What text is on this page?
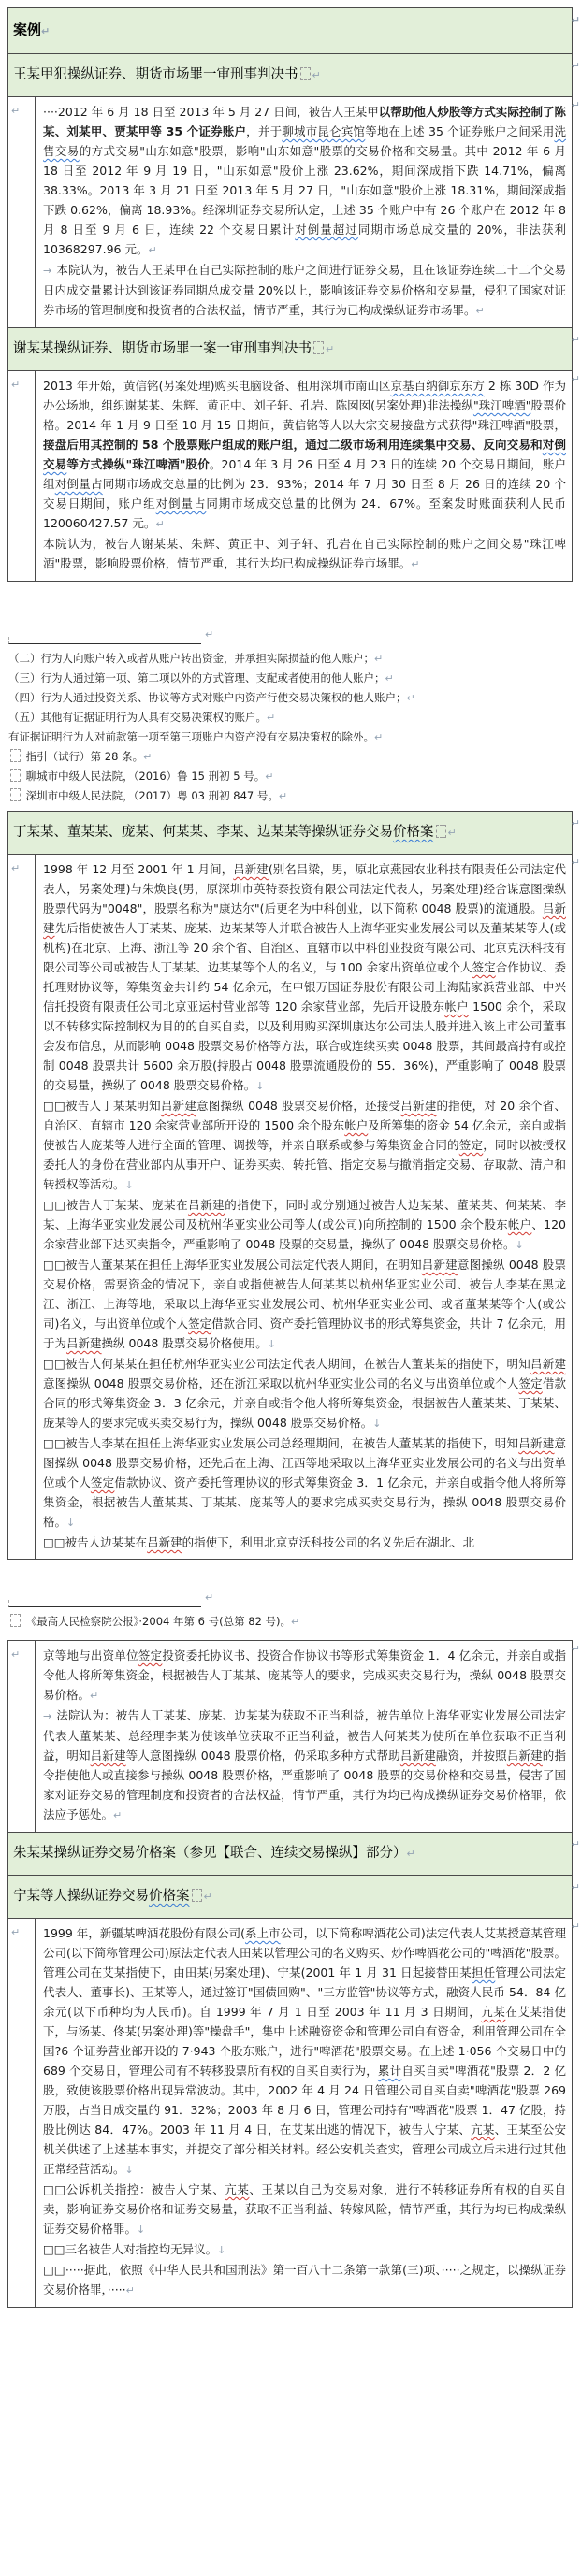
案例↵
↵
王某甲犯操纵证券、期货市场罪一审刑事判决书 ↵
↵
↵	····2012 年 6 月 18 日至 2013 年 5 月 27 日间，被告人王某甲以帮助他人炒股等方式实际控制了陈某、刘某甲、贾某甲等 35 个证券账户，并于聊城市昆仑宾馆等地在上述 35 个证券账户之间采用洗售交易的方式交易"山东如意"股票，影响"山东如意"股票的交易价格和交易量。其中 2012 年 6 月 18 日至 2012 年 9 月 19 日，"山东如意"股价上涨 23.62%，期间深成指下跌 14.71%，偏离 38.33%。2013 年 3 月 21 日至 2013 年 5 月 27 日，"山东如意"股价上涨 18.31%，期间深成指下跌 0.62%，偏离 18.93%。经深圳证券交易所认定，上述 35 个账户中有 26 个账户在 2012 年 8 月 8 日至 9 月 6 日，连续 22 个交易日累计对倒量超过同期市场总成交量的 20%，非法获利 10368297.96 元。↵

→ 本院认为，被告人王某甲在自己实际控制的账户之间进行证券交易，且在该证券连续二十二个交易日内成交量累计达到该证券同期总成交量 20%以上，影响该证券交易价格和交易量，侵犯了国家对证券市场的管理制度和投资者的合法权益，情节严重，其行为已构成操纵证券市场罪。↵

↵
谢某某操纵证券、期货市场罪一案一审刑事判决书 ↵
↵
↵	2013 年开始，黄信铭(另案处理)购买电脑设备、租用深圳市南山区京基百纳御京东方 2 栋 30D 作为办公场地，组织谢某某、朱辉、黄正中、刘子轩、孔岩、陈囡囡(另案处理)非法操纵"珠江啤酒"股票价格。2014 年 1 月 9 日至 10 月 15 日期间，黄信铭等人以大宗交易接盘方式获得"珠江啤酒"股票，接盘后用其控制的 58 个股票账户组成的账户组，通过二级市场利用连续集中交易、反向交易和对倒交易等方式操纵"珠江啤酒"股价。2014 年 3 月 26 日至 4 月 23 日的连续 20 个交易日期间，账户组对倒量占同期市场成交总量的比例为 23．93%；2014 年 7 月 30 日至 8 月 26 日的连续 20 个交易日期间，账户组对倒量占同期市场成交总量的比例为 24．67%。至案发时账面获利人民币 120060427.57 元。↵

本院认为，被告人谢某某、朱辉、黄正中、刘子轩、孔岩在自己实际控制的账户之间交易"珠江啤酒"股票，影响股票价格，情节严重，其行为均已构成操纵证券市场罪。↵

↵
↵
（二）行为人向账户转入或者从账户转出资金，并承担实际损益的他人账户；↵
（三）行为人通过第一项、第二项以外的方式管理、支配或者使用的他人账户；↵
（四）行为人通过投资关系、协议等方式对账户内资产行使交易决策权的他人账户；↵
（五）其他有证据证明行为人具有交易决策权的账户。↵
有证据证明行为人对前款第一项至第三项账户内资产没有交易决策权的除外。↵
指引（试行）第 28 条。↵
聊城市中级人民法院，（2016）鲁 15 刑初 5 号。↵
深圳市中级人民法院，（2017）粤 03 刑初 847 号。↵
丁某某、董某某、庞某、何某某、李某、边某某等操纵证券交易价格案 ↵
↵
↵	1998 年 12 月至 2001 年 1 月间，吕新建(别名吕梁，男，原北京燕园农业科技有限责任公司法定代表人，另案处理)与朱焕良(男，原深圳市英特泰投资有限公司法定代表人，另案处理)经合谋意图操纵股票代码为"0048"，股票名称为"康达尔"(后更名为中科创业，以下简称 0048 股票)的流通股。吕新建先后指使被告人丁某某、庞某、边某某等人并联合被告人上海华亚实业发展公司以及董某某等人(或机构)在北京、上海、浙江等 20 余个省、自治区、直辖市以中科创业投资有限公司、北京克沃科技有限公司等公司或被告人丁某某、边某某等个人的名义，与 100 余家出资单位或个人签定合作协议、委托理财协议等，筹集资金共计约 54 亿余元，在申银万国证券股份有限公司上海陆家浜营业部、中兴信托投资有限责任公司北京亚运村营业部等 120 余家营业部，先后开设股东帐户 1500 余个，采取以不转移实际控制权为目的的自买自卖，以及利用购买深圳康达尔公司法人股并进入该上市公司董事会发布信息，从而影响 0048 股票交易价格等方法，联合或连续买卖 0048 股票，其间最高持有或控制 0048 股票共计 5600 余万股(持股占 0048 股票流通股份的 55．36%)，严重影响了 0048 股票的交易量，操纵了 0048 股票交易价格。↓

□□被告人丁某某明知吕新建意图操纵 0048 股票交易价格，还接受吕新建的指使，对 20 余个省、自治区、直辖市 120 余家营业部所开设的 1500 余个股东帐户及所筹集的资金 54 亿余元，亲自或指使被告人庞某等人进行全面的管理、调拨等，并亲自联系或参与筹集资金合同的签定，同时以被授权委托人的身份在营业部内从事开户、证券买卖、转托管、指定交易与撤消指定交易、存取款、清户和转授权等活动。↓

□□被告人丁某某、庞某在吕新建的指使下，同时或分别通过被告人边某某、董某某、何某某、李某、上海华亚实业发展公司及杭州华亚实业公司等人(或公司)向所控制的 1500 余个股东帐户、120 余家营业部下达买卖指令，严重影响了 0048 股票的交易量，操纵了 0048 股票交易价格。↓

□□被告人董某某在担任上海华亚实业发展公司法定代表人期间，在明知吕新建意图操纵 0048 股票交易价格，需要资金的情况下，亲自或指使被告人何某某以杭州华亚实业公司、被告人李某在黑龙江、浙江、上海等地，采取以上海华亚实业发展公司、杭州华亚实业公司、或者董某某等个人(或公司)名义，与出资单位或个人签定借款合同、资产委托管理协议书的形式筹集资金，共计 7 亿余元，用于为吕新建操纵 0048 股票交易价格使用。↓

□□被告人何某某在担任杭州华亚实业公司法定代表人期间，在被告人董某某的指使下，明知吕新建意图操纵 0048 股票交易价格，还在浙江采取以杭州华亚实业公司的名义与出资单位或个人签定借款合同的形式筹集资金 3．3 亿余元，并亲自或指令他人将所筹集资金，根据被告人董某某、丁某某、庞某等人的要求完成买卖交易行为，操纵 0048 股票交易价格。↓

□□被告人李某在担任上海华亚实业发展公司总经理期间，在被告人董某某的指使下，明知吕新建意图操纵 0048 股票交易价格，还先后在上海、江西等地采取以上海华亚实业发展公司的名义与出资单位或个人签定借款协议、资产委托管理协议的形式筹集资金 3．1 亿余元，并亲自或指令他人将所筹集资金，根据被告人董某某、丁某某、庞某等人的要求完成买卖交易行为，操纵 0048 股票交易价格。↓

□□被告人边某某在吕新建的指使下，利用北京克沃科技公司的名义先后在湖北、北

↵
↵
《最高人民检察院公报》·2004 年第 6 号(总第 82 号)。↵
↵	京等地与出资单位签定投资委托协议书、投资合作协议书等形式筹集资金 1．4 亿余元，并亲自或指令他人将所筹集资金，根据被告人丁某某、庞某等人的要求，完成买卖交易行为，操纵 0048 股票交易价格。↵

→ 法院认为：被告人丁某某、庞某、边某某为获取不正当利益，被告单位上海华亚实业发展公司法定代表人董某某、总经理李某为使该单位获取不正当利益，被告人何某某为使所在单位获取不正当利益，明知吕新建等人意图操纵 0048 股票价格，仍采取多种方式帮助吕新建融资，并按照吕新建的指令指使他人或直接参与操纵 0048 股票价格，严重影响了 0048 股票的交易价格和交易量，侵害了国家对证券交易的管理制度和投资者的合法权益，情节严重，其行为均已构成操纵证券交易价格罪，依法应予惩处。↵

↵
朱某某操纵证券交易价格案（参见【联合、连续交易操纵】部分）↵
↵
宁某等人操纵证券交易价格案 ↵
↵
↵	1999 年，新疆某啤酒花股份有限公司(系上市公司，以下简称啤酒花公司)法定代表人艾某授意某管理公司(以下简称管理公司)原法定代表人田某以管理公司的名义购买、炒作啤酒花公司的"啤酒花"股票。管理公司在艾某指使下，由田某(另案处理)、宁某(2001 年 1 月 31 日起接替田某担任管理公司法定代表人、董事长)、王某等人，通过签订"国债回购"、"三方监管"协议等方式，融资人民币 54．84 亿余元(以下币种均为人民币)。自 1999 年 7 月 1 日至 2003 年 11 月 3 日期间，亢某在艾某指使下，与汤某、佟某(另案处理)等"操盘手"，集中上述融资资金和管理公司自有资金，利用管理公司在全国?6 个证券营业部开设的 7·943 个股东账户，进行"啤酒花"股票交易。在上述 1·056 个交易日中的 689 个交易日，管理公司有不转移股票所有权的自买自卖行为，累计自买自卖"啤酒花"股票 2．2 亿股，致使该股票价格出现异常波动。其中，2002 年 4 月 24 日管理公司自买自卖"啤酒花"股票 269 万股，占当日成交量的 91．32%；2003 年 8 月 6 日，管理公司持有"啤酒花"股票 1．47 亿股，持股比例达 84．47%。2003 年 11 月 4 日，在艾某出逃的情况下，被告人宁某、亢某、王某至公安机关供述了上述基本事实，并提交了部分相关材料。经公安机关查实，管理公司成立后未进行过其他正常经营活动。↓

□□公诉机关指控：被告人宁某、亢某、王某以自己为交易对象，进行不转移证券所有权的自买自卖，影响证券交易价格和证券交易量，获取不正当利益、转嫁风险，情节严重，其行为均已构成操纵证券交易价格罪。↓

□□三名被告人对指控均无异议。↓

□□·····据此，依照《中华人民共和国刑法》第一百八十二条第一款第(三)项、·····之规定，以操纵证券交易价格罪，·····↵

↵
